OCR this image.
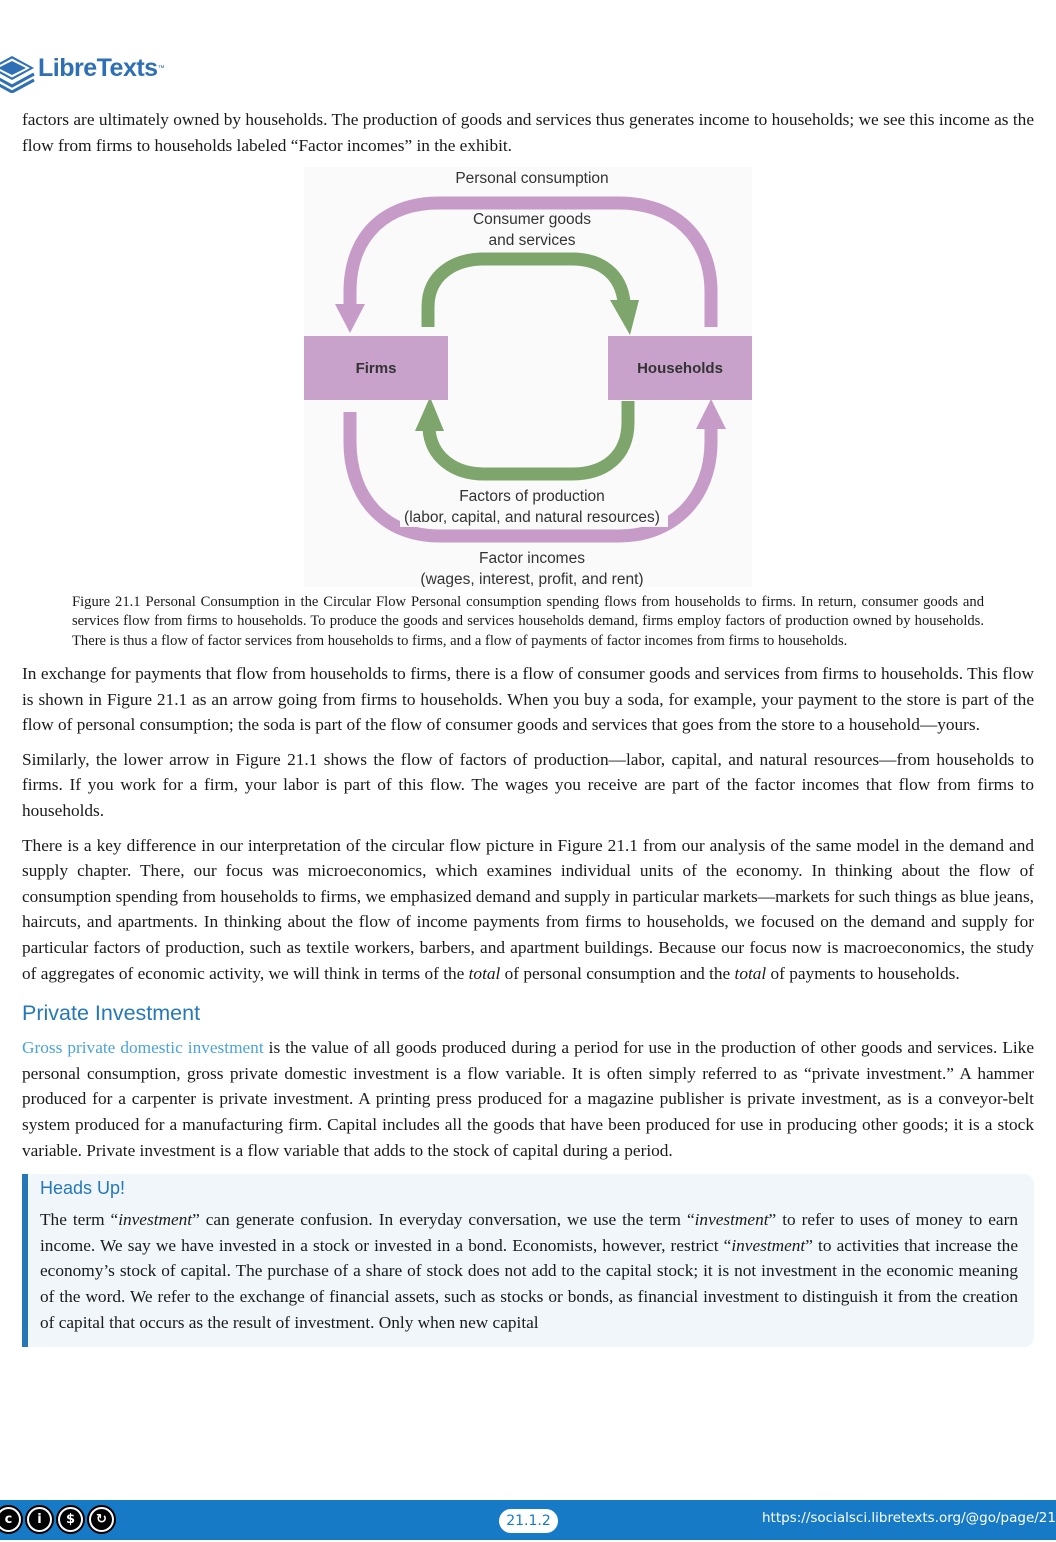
LibreTexts ™

factors are ultimately owned by households. The production of goods and services thus generates income to households; we see this income as the flow from firms to households labeled “Factor incomes” in the exhibit.

Firms	Households
Personal consumption
Consumer goods
and services
Factors of production
(labor, capital, and natural resources)
Factor incomes
(wages, interest, profit, and rent)
Figure 21.1 Personal Consumption in the Circular Flow Personal consumption spending flows from households to firms. In return, consumer goods and services flow from firms to households. To produce the goods and services households demand, firms employ factors of production owned by households. There is thus a flow of factor services from households to firms, and a flow of payments of factor incomes from firms to households.

In exchange for payments that flow from households to firms, there is a flow of consumer goods and services from firms to households. This flow is shown in Figure 21.1 as an arrow going from firms to households. When you buy a soda, for example, your payment to the store is part of the flow of personal consumption; the soda is part of the flow of consumer goods and services that goes from the store to a household—yours.

Similarly, the lower arrow in Figure 21.1 shows the flow of factors of production—labor, capital, and natural resources—from households to firms. If you work for a firm, your labor is part of this flow. The wages you receive are part of the factor incomes that flow from firms to households.

There is a key difference in our interpretation of the circular flow picture in Figure 21.1 from our analysis of the same model in the demand and supply chapter. There, our focus was microeconomics, which examines individual units of the economy. In thinking about the flow of consumption spending from households to firms, we emphasized demand and supply in particular markets—markets for such things as blue jeans, haircuts, and apartments. In thinking about the flow of income payments from firms to households, we focused on the demand and supply for particular factors of production, such as textile workers, barbers, and apartment buildings. Because our focus now is macroeconomics, the study of aggregates of economic activity, we will think in terms of the total of personal consumption and the total of payments to households.

Private Investment

Gross private domestic investment is the value of all goods produced during a period for use in the production of other goods and services. Like personal consumption, gross private domestic investment is a flow variable. It is often simply referred to as “private investment.” A hammer produced for a carpenter is private investment. A printing press produced for a magazine publisher is private investment, as is a conveyor-belt system produced for a manufacturing firm. Capital includes all the goods that have been produced for use in producing other goods; it is a stock variable. Private investment is a flow variable that adds to the stock of capital during a period.

Heads Up!

The term “investment” can generate confusion. In everyday conversation, we use the term “investment” to refer to uses of money to earn income. We say we have invested in a stock or invested in a bond. Economists, however, restrict “investment” to activities that increase the economy’s stock of capital. The purchase of a share of stock does not add to the capital stock; it is not investment in the economic meaning of the word. We refer to the exchange of financial assets, such as stocks or bonds, as financial investment to distinguish it from the creation of capital that occurs as the result of investment. Only when new capital

c	i	$	↻	21.1.2	https://socialsci.libretexts.org/@go/page/21
